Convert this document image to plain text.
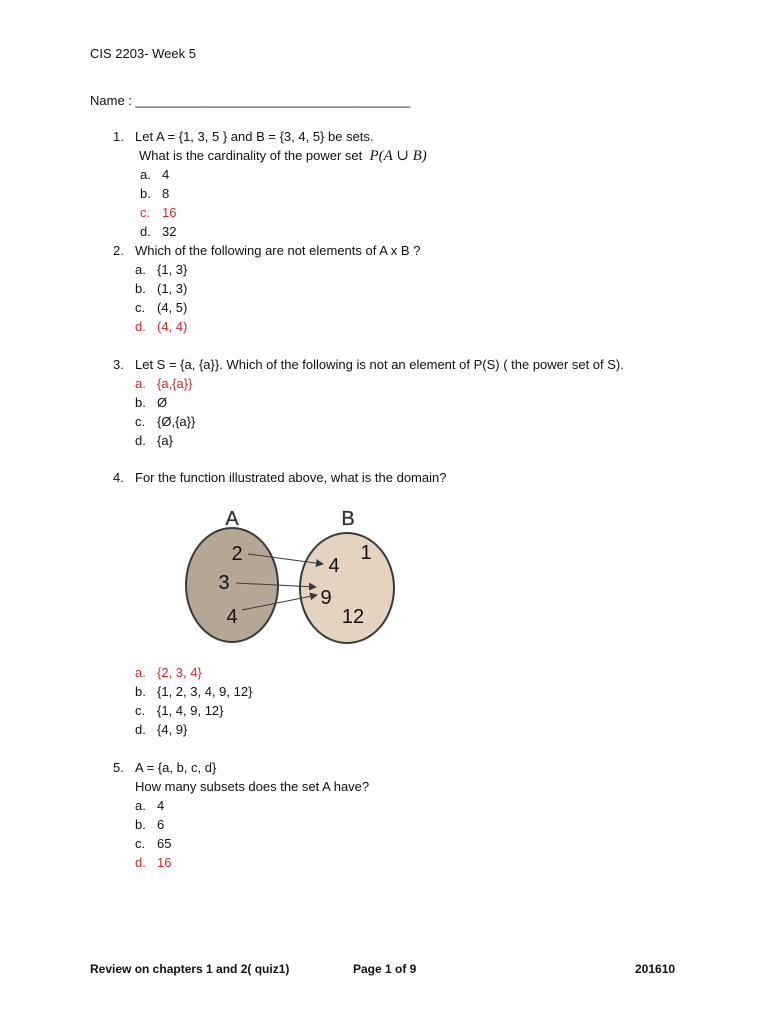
CIS 2203- Week 5
Name : ______________________________________
1. Let A = {1, 3, 5 } and B = {3, 4, 5} be sets.
What is the cardinality of the power set P(A ∪ B)
a. 4
b. 8
c. 16
d. 32
2. Which of the following are not elements of A x B ?
a. {1, 3}
b. (1, 3)
c. (4, 5)
d. (4, 4)
3. Let S = {a, {a}}. Which of the following is not an element of P(S) ( the power set of S).
a. {a,{a}}
b. Ø
c. {Ø,{a}}
d. {a}
4. For the function illustrated above, what is the domain?
A	B
2
3
4
4
1
9
12
a. {2, 3, 4}
b. {1, 2, 3, 4, 9, 12}
c. {1, 4, 9, 12}
d. {4, 9}
5. A = {a, b, c, d}
How many subsets does the set A have?
a. 4
b. 6
c. 65
d. 16
Review on chapters 1 and 2( quiz1)	Page 1 of 9	201610
